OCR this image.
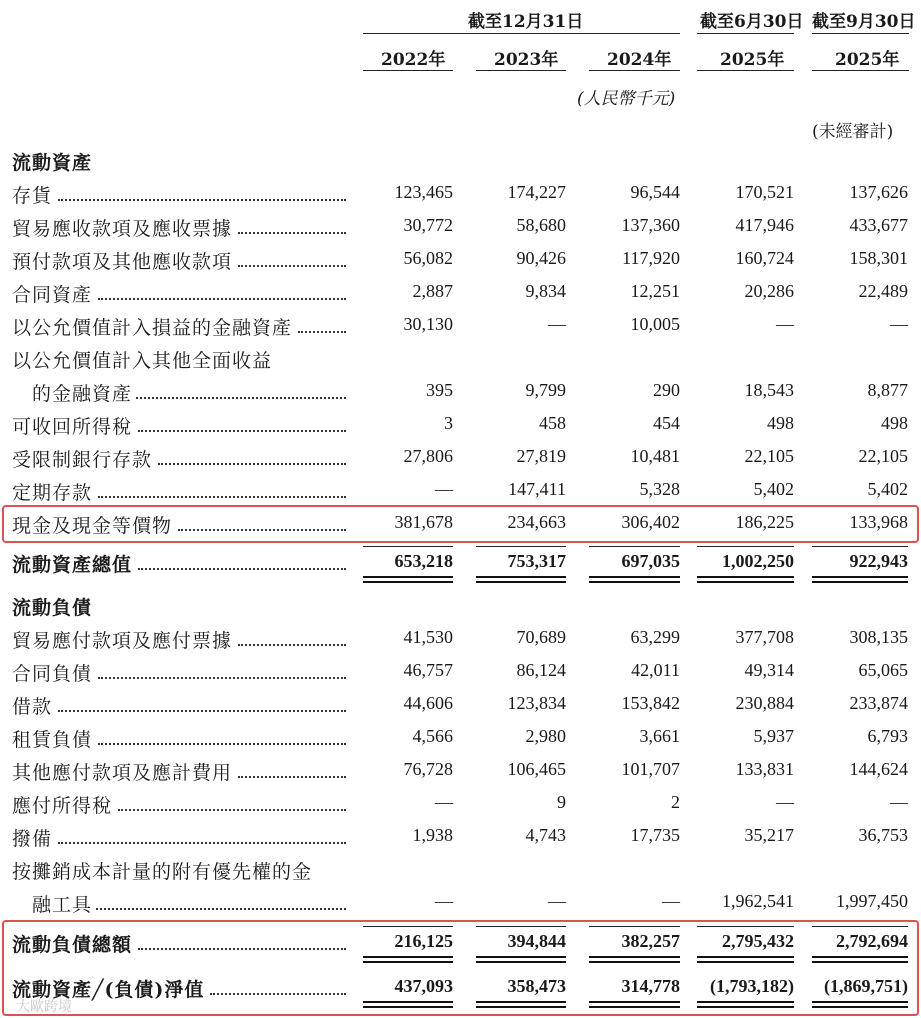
截至12月31日	截至6月30日 截至9月30日
2022年	2023年	2024年	2025年	2025年
(人民幣千元)
(未經審計)
流動資產
流動負債
存貨	123,465	174,227	96,544	170,521	137,626
貿易應收款項及應收票據	30,772	58,680	137,360	417,946	433,677
預付款項及其他應收款項	56,082	90,426	117,920	160,724	158,301
合同資產	2,887	9,834	12,251	20,286	22,489
以公允價值計入損益的金融資產	30,130	—	10,005	—	—
以公允價值計入其他全面收益
的金融資產	395	9,799	290	18,543	8,877
可收回所得稅	3	458	454	498	498
受限制銀行存款	27,806	27,819	10,481	22,105	22,105
定期存款	—	147,411	5,328	5,402	5,402
現金及現金等價物	381,678	234,663	306,402	186,225	133,968
流動資產總值	653,218	753,317	697,035 1,002,250	922,943
貿易應付款項及應付票據	41,530	70,689	63,299	377,708	308,135
合同負債	46,757	86,124	42,011	49,314	65,065
借款	44,606	123,834	153,842	230,884	233,874
租賃負債	4,566	2,980	3,661	5,937	6,793
其他應付款項及應計費用	76,728	106,465	101,707	133,831	144,624
應付所得稅	—	9	2	—	—
撥備	1,938	4,743	17,735	35,217	36,753
按攤銷成本計量的附有優先權的金
融工具	—	—	— 1,962,541 1,997,450
流動負債總額	216,125	394,844	382,257 2,795,432 2,792,694
流動資產╱(負債)淨值	437,093	358,473	314,778 (1,793,182) (1,869,751)
大歐跨境
